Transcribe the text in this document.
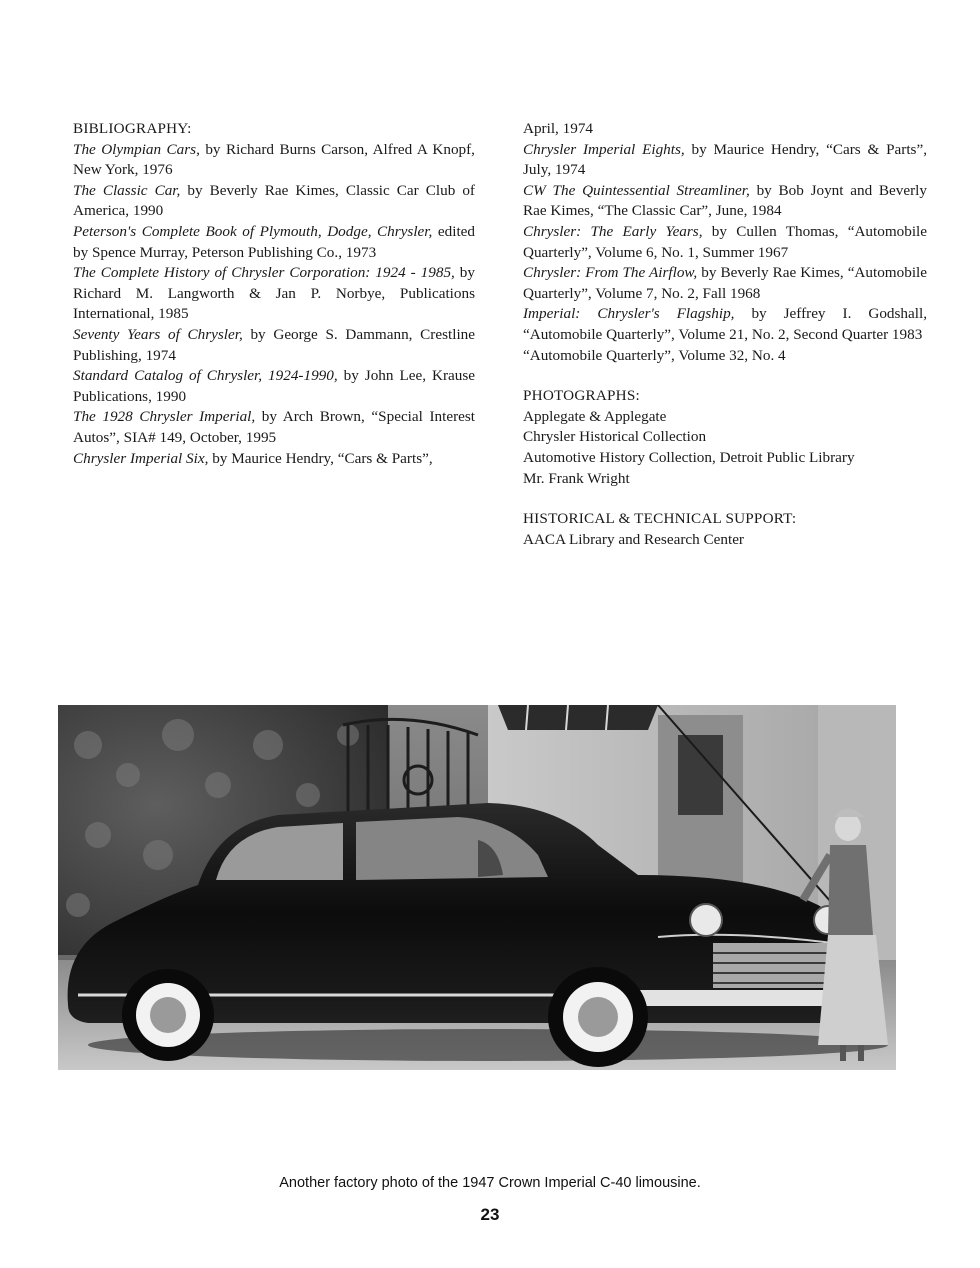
BIBLIOGRAPHY:

The Olympian Cars, by Richard Burns Carson, Alfred A Knopf, New York, 1976

The Classic Car, by Beverly Rae Kimes, Classic Car Club of America, 1990

Peterson's Complete Book of Plymouth, Dodge, Chrysler, edited by Spence Murray, Peterson Publishing Co., 1973

The Complete History of Chrysler Corporation: 1924 - 1985, by Richard M. Langworth & Jan P. Norbye, Publications International, 1985

Seventy Years of Chrysler, by George S. Dammann, Crestline Publishing, 1974

Standard Catalog of Chrysler, 1924-1990, by John Lee, Krause Publications, 1990

The 1928 Chrysler Imperial, by Arch Brown, “Special Interest Autos”, SIA# 149, October, 1995

Chrysler Imperial Six, by Maurice Hendry, “Cars & Parts”,

April, 1974

Chrysler Imperial Eights, by Maurice Hendry, “Cars & Parts”, July, 1974

CW The Quintessential Streamliner, by Bob Joynt and Beverly Rae Kimes, “The Classic Car”, June, 1984

Chrysler: The Early Years, by Cullen Thomas, “Automobile Quarterly”, Volume 6, No. 1, Summer 1967

Chrysler: From The Airflow, by Beverly Rae Kimes, “Automobile Quarterly”, Volume 7, No. 2, Fall 1968

Imperial: Chrysler's Flagship, by Jeffrey I. Godshall, “Automobile Quarterly”, Volume 21, No. 2, Second Quarter 1983

“Automobile Quarterly”, Volume 32, No. 4

PHOTOGRAPHS:

Applegate & Applegate

Chrysler Historical Collection

Automotive History Collection, Detroit Public Library

Mr. Frank Wright

HISTORICAL & TECHNICAL SUPPORT:

AACA Library and Research Center

Another factory photo of the 1947 Crown Imperial C-40 limousine.
23
